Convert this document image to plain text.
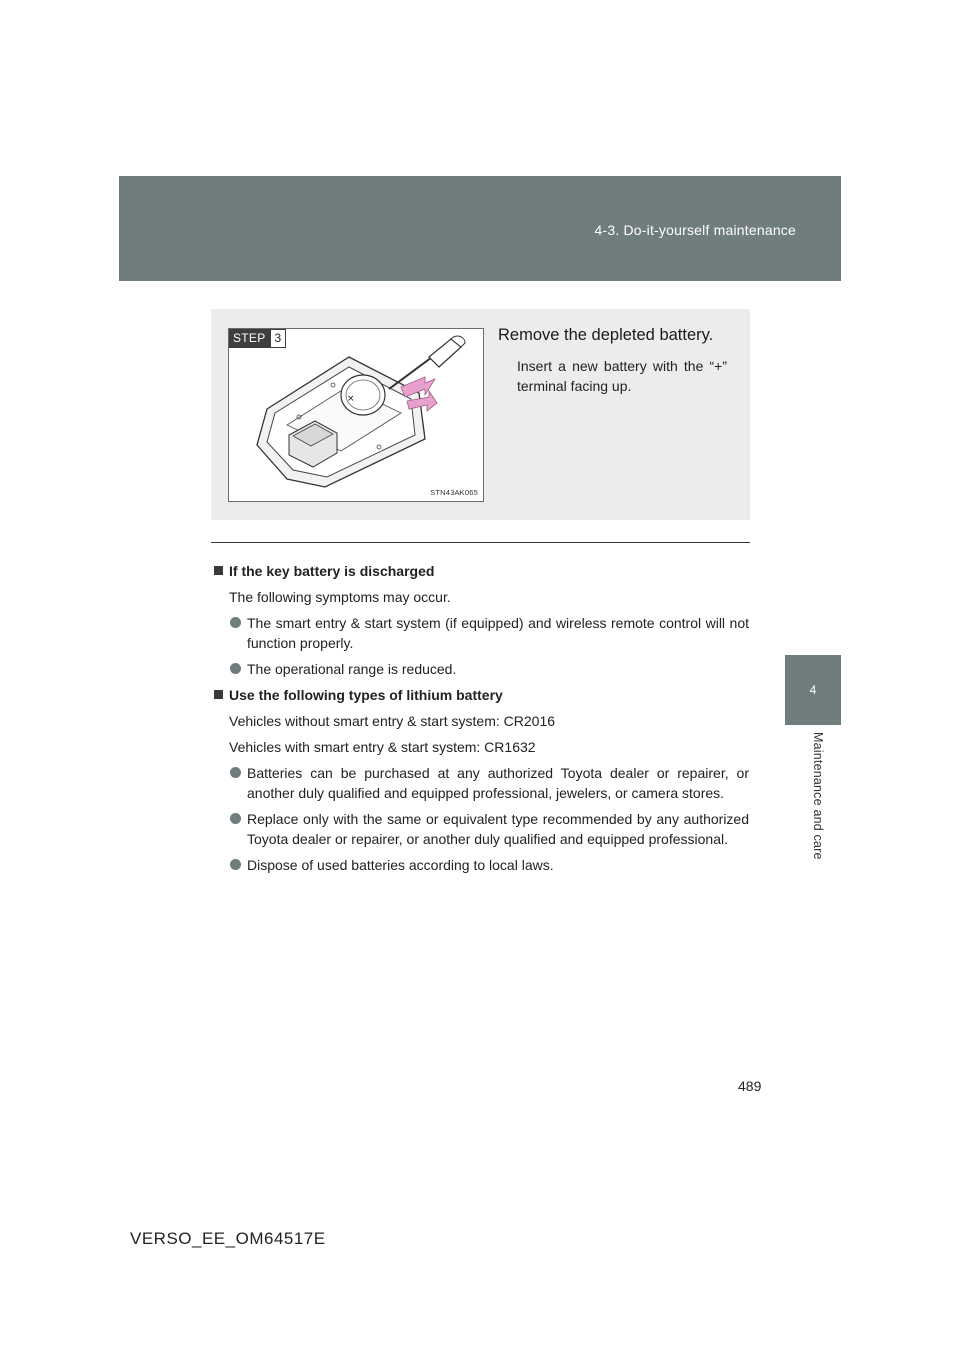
4-3. Do-it-yourself maintenance
4
Maintenance and care
×
STEP 3
STN43AK065
Remove the depleted battery.
Insert a new battery with the “+” terminal facing up.
If the key battery is discharged
The following symptoms may occur.
The smart entry & start system (if equipped) and wireless remote control will not function properly.
The operational range is reduced.
Use the following types of lithium battery
Vehicles without smart entry & start system: CR2016
Vehicles with smart entry & start system: CR1632
Batteries can be purchased at any authorized Toyota dealer or repairer, or another duly qualified and equipped professional, jewelers, or camera stores.
Replace only with the same or equivalent type recommended by any authorized Toyota dealer or repairer, or another duly qualified and equipped professional.
Dispose of used batteries according to local laws.
489
VERSO_EE_OM64517E
